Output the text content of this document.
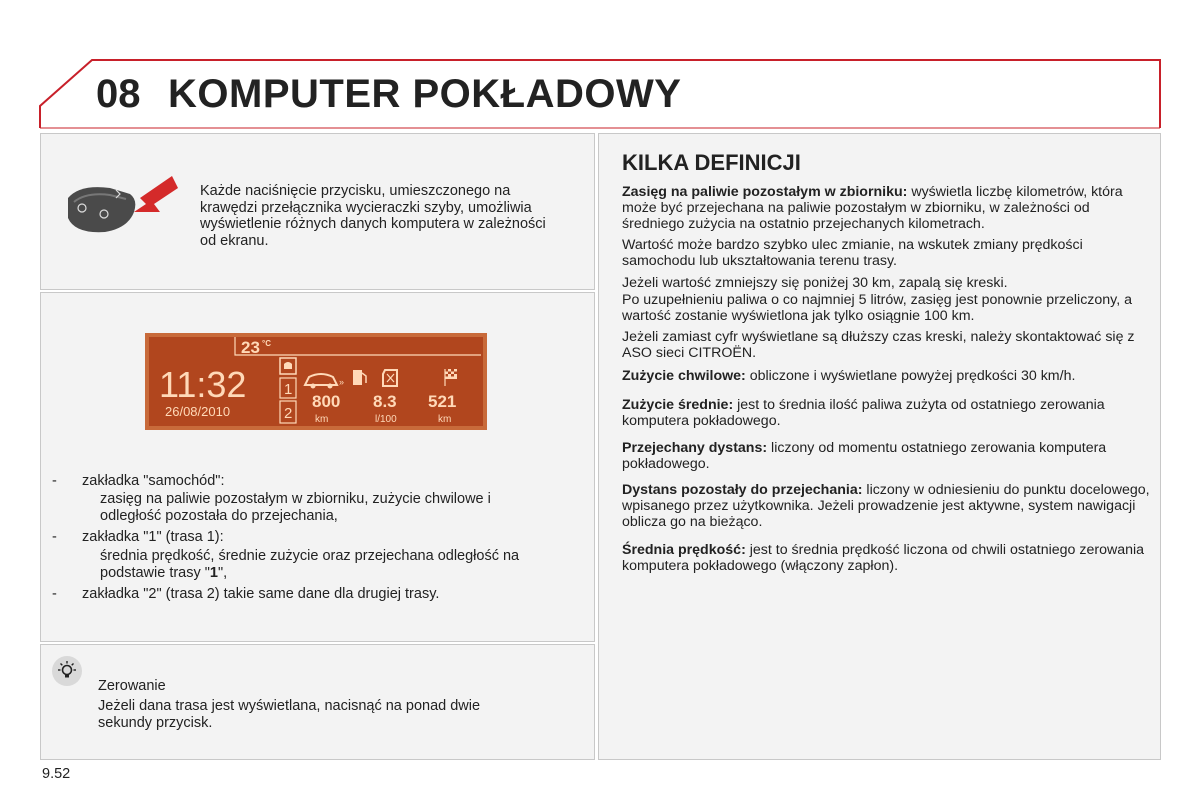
08 KOMPUTER POKŁADOWY
Każde naciśnięcie przycisku, umieszczonego na krawędzi przełącznika wycieraczki szyby, umożliwia wyświetlenie różnych danych komputera w zależności od ekranu.
23 °C
11:32
26/08/2010
1
2
»
800
km
8.3
l/100
521
km
- zakładka "samochód":
zasięg na paliwie pozostałym w zbiorniku, zużycie chwilowe i odległość pozostała do przejechania,
- zakładka "1" (trasa 1):
średnia prędkość, średnie zużycie oraz przejechana odległość na podstawie trasy "1",
- zakładka "2" (trasa 2) takie same dane dla drugiej trasy.
Zerowanie
Jeżeli dana trasa jest wyświetlana, nacisnąć na ponad dwie sekundy przycisk.
KILKA DEFINICJI
Zasięg na paliwie pozostałym w zbiorniku: wyświetla liczbę kilometrów, która może być przejechana na paliwie pozostałym w zbiorniku, w zależności od średniego zużycia na ostatnio przejechanych kilometrach.
Wartość może bardzo szybko ulec zmianie, na wskutek zmiany prędkości samochodu lub ukształtowania terenu trasy.
Jeżeli wartość zmniejszy się poniżej 30 km, zapalą się kreski.
Po uzupełnieniu paliwa o co najmniej 5 litrów, zasięg jest ponownie przeliczony, a wartość zostanie wyświetlona jak tylko osiągnie 100 km.
Jeżeli zamiast cyfr wyświetlane są dłuższy czas kreski, należy skontaktować się z ASO sieci CITROËN.
Zużycie chwilowe: obliczone i wyświetlane powyżej prędkości 30 km/h.
Zużycie średnie: jest to średnia ilość paliwa zużyta od ostatniego zerowania komputera pokładowego.
Przejechany dystans: liczony od momentu ostatniego zerowania komputera pokładowego.
Dystans pozostały do przejechania: liczony w odniesieniu do punktu docelowego, wpisanego przez użytkownika. Jeżeli prowadzenie jest aktywne, system nawigacji oblicza go na bieżąco.
Średnia prędkość: jest to średnia prędkość liczona od chwili ostatniego zerowania komputera pokładowego (włączony zapłon).
9.52
